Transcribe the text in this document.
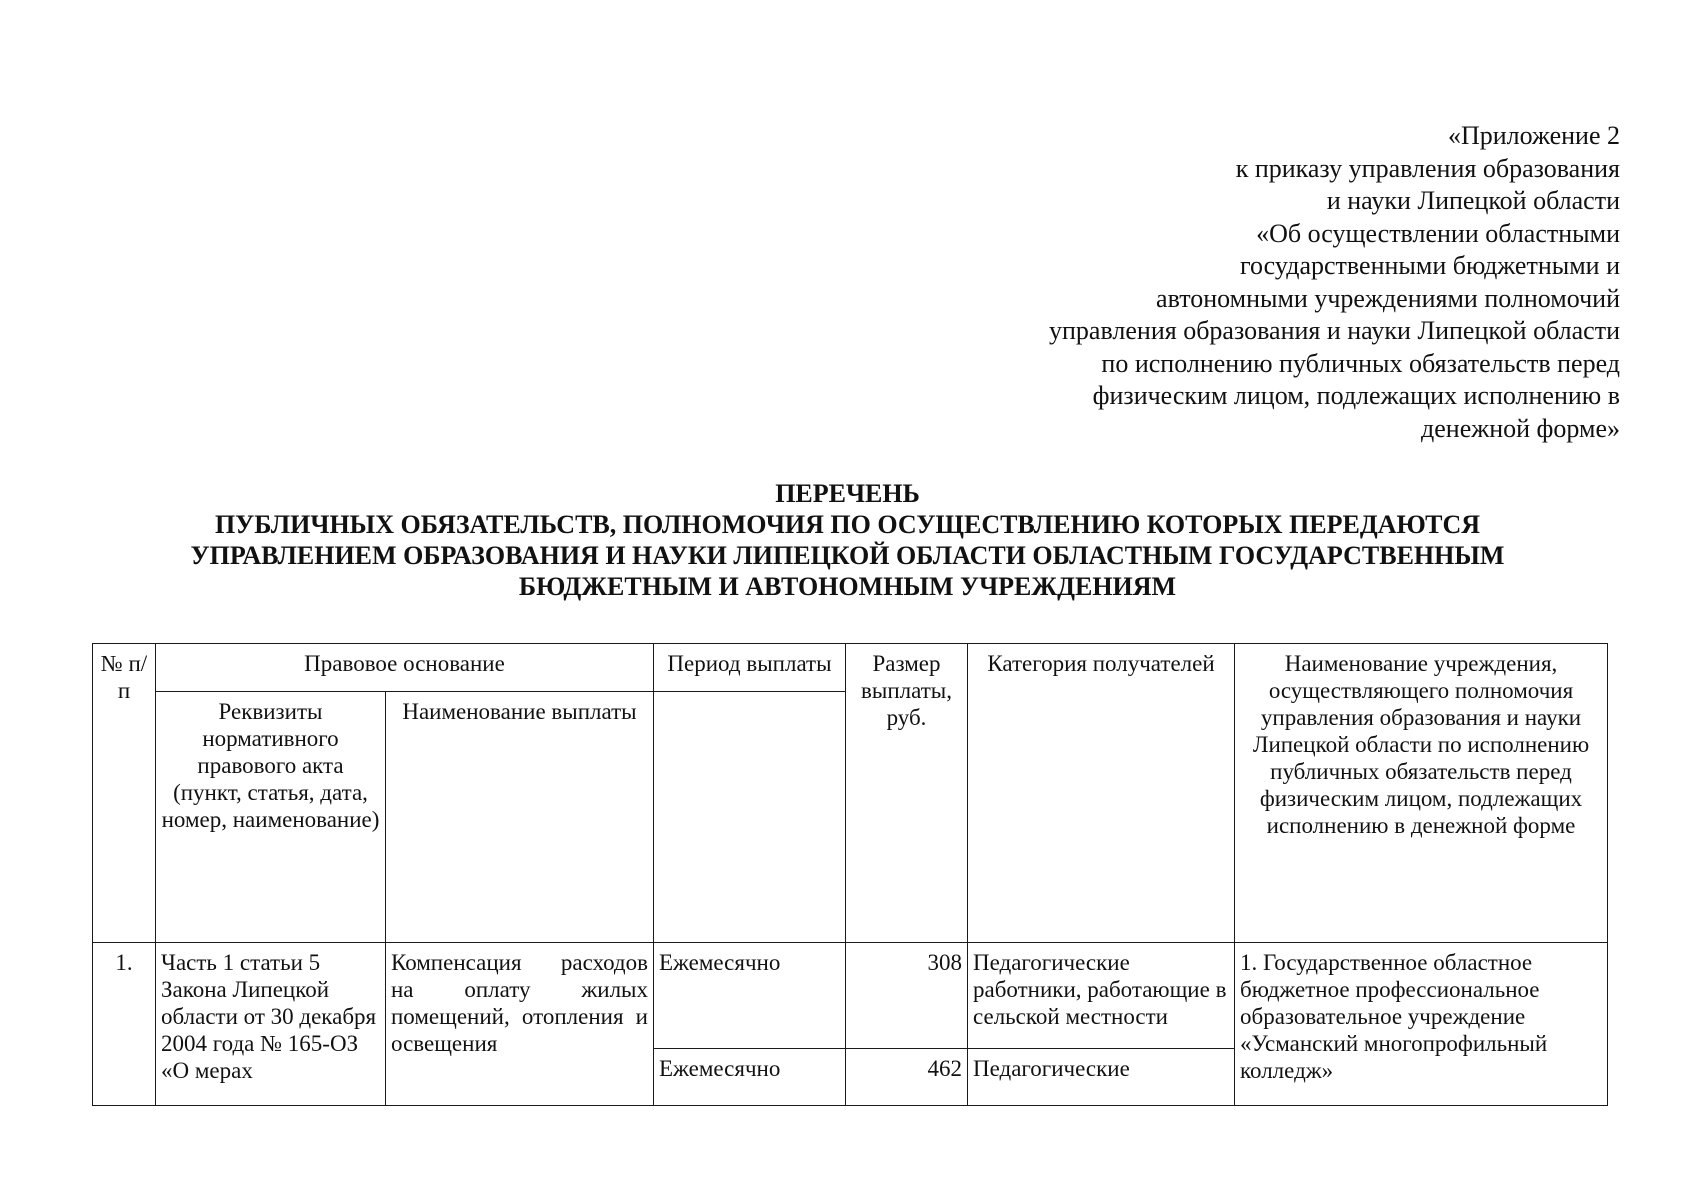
«Приложение 2
к приказу управления образования
и науки Липецкой области
«Об осуществлении областными
государственными бюджетными и
автономными учреждениями полномочий
управления образования и науки Липецкой области
по исполнению публичных обязательств перед
физическим лицом, подлежащих исполнению в
денежной форме»
ПЕРЕЧЕНЬ
ПУБЛИЧНЫХ ОБЯЗАТЕЛЬСТВ, ПОЛНОМОЧИЯ ПО ОСУЩЕСТВЛЕНИЮ КОТОРЫХ ПЕРЕДАЮТСЯ
УПРАВЛЕНИЕМ ОБРАЗОВАНИЯ И НАУКИ ЛИПЕЦКОЙ ОБЛАСТИ ОБЛАСТНЫМ ГОСУДАРСТВЕННЫМ
БЮДЖЕТНЫМ И АВТОНОМНЫМ УЧРЕЖДЕНИЯМ
№ п/п	Правовое основание		Период выплаты	Размер выплаты, руб.	Категория получателей	Наименование учреждения, осуществляющего полномочия управления образования и науки Липецкой области по исполнению публичных обязательств перед физическим лицом, подлежащих исполнению в денежной форме
	Реквизиты нормативного правового акта (пункт, статья, дата, номер, наименование)	Наименование выплаты				
1.	Часть 1 статьи 5 Закона Липецкой области от 30 декабря 2004 года № 165-ОЗ «О мерах	Компенсация расходов
на оплату жилых
помещений, отопления и
освещения	Ежемесячно	308	Педагогические работники, работающие в сельской местности	1. Государственное областное бюджетное профессиональное образовательное учреждение «Усманский многопрофильный колледж»
			Ежемесячно	462	Педагогические	
